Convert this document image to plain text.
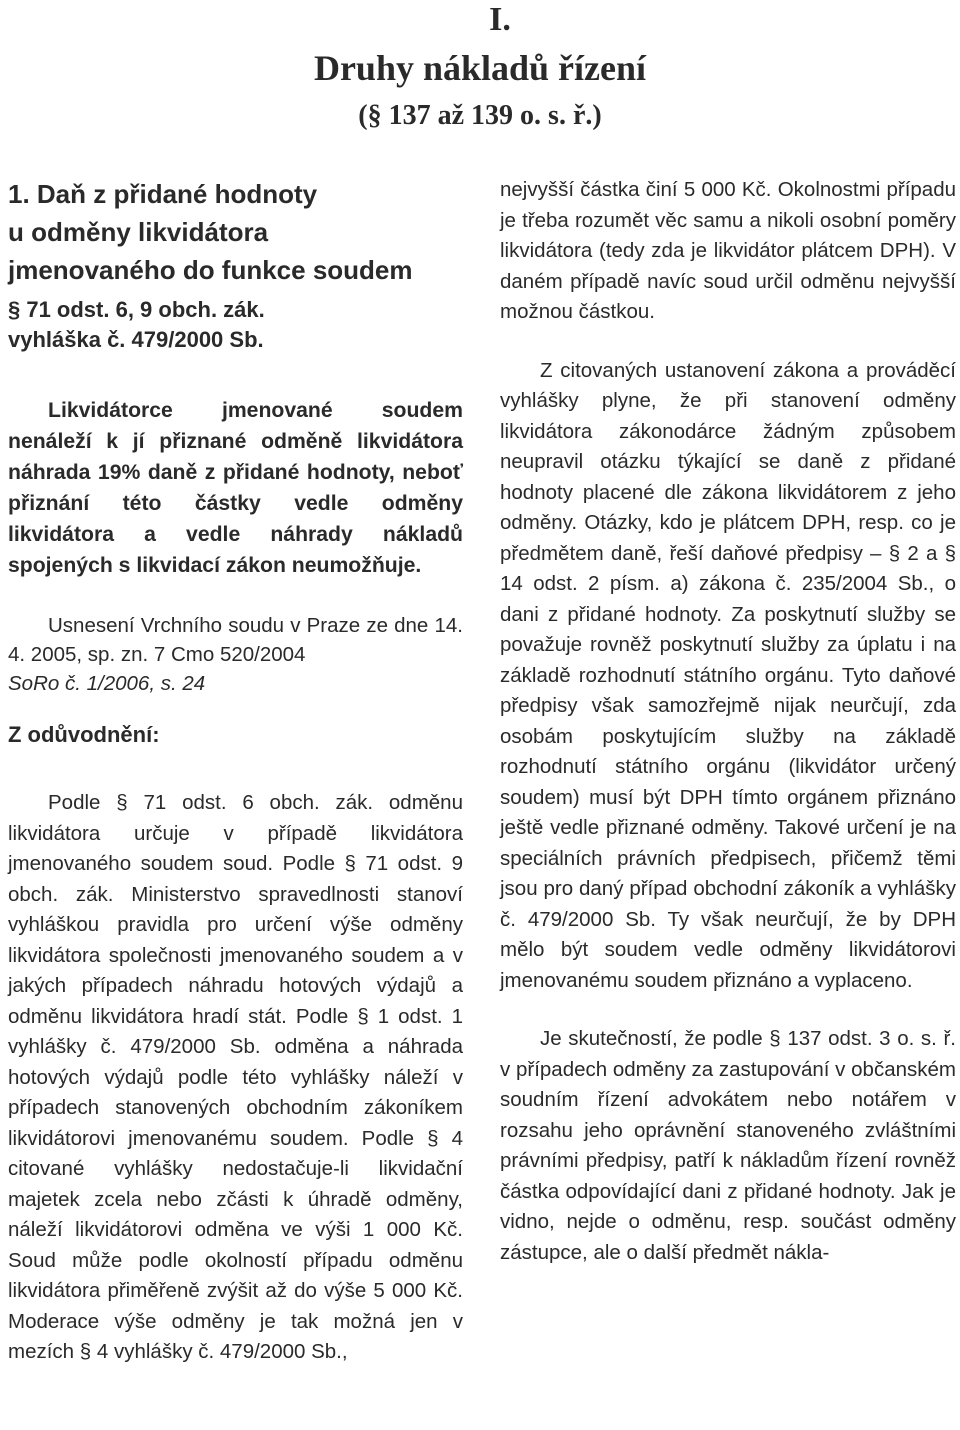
I.
Druhy nákladů řízení
(§ 137 až 139 o. s. ř.)
1. Daň z přidané hodnoty
u odměny likvidátora
jmenovaného do funkce soudem

§ 71 odst. 6, 9 obch. zák.
vyhláška č. 479/2000 Sb.

Likvidátorce jmenované soudem nenáleží k jí přiznané odměně likvidátora náhrada 19% daně z přidané hodnoty, neboť přiznání této částky vedle odměny likvidátora a vedle náhrady nákladů spojených s likvidací zákon neumožňuje.

Usnesení Vrchního soudu v Praze ze dne 14. 4. 2005, sp. zn. 7 Cmo 520/2004

SoRo č. 1/2006, s. 24

Z odůvodnění:

Podle § 71 odst. 6 obch. zák. odměnu likvidátora určuje v případě likvidátora jmenovaného soudem soud. Podle § 71 odst. 9 obch. zák. Ministerstvo spravedlnosti stanoví vyhláškou pravidla pro určení výše odměny likvidátora společnosti jmenovaného soudem a v jakých případech náhradu hotových výdajů a odměnu likvidátora hradí stát. Podle § 1 odst. 1 vyhlášky č. 479/2000 Sb. odměna a náhrada hotových výdajů podle této vyhlášky náleží v případech stanovených obchodním zákoníkem likvidátorovi jmenovanému soudem. Podle § 4 citované vyhlášky nedostačuje-li likvidační majetek zcela nebo zčásti k úhradě odměny, náleží likvidátorovi odměna ve výši 1 000 Kč. Soud může podle okolností případu odměnu likvidátora přiměřeně zvýšit až do výše 5 000 Kč. Moderace výše odměny je tak možná jen v mezích § 4 vyhlášky č. 479/2000 Sb.,

nejvyšší částka činí 5 000 Kč. Okolnostmi případu je třeba rozumět věc samu a nikoli osobní poměry likvidátora (tedy zda je likvidátor plátcem DPH). V daném případě navíc soud určil odměnu nejvyšší možnou částkou.

Z citovaných ustanovení zákona a prováděcí vyhlášky plyne, že při stanovení odměny likvidátora zákonodárce žádným způsobem neupravil otázku týkající se daně z přidané hodnoty placené dle zákona likvidátorem z jeho odměny. Otázky, kdo je plátcem DPH, resp. co je předmětem daně, řeší daňové předpisy – § 2 a § 14 odst. 2 písm. a) zákona č. 235/2004 Sb., o dani z přidané hodnoty. Za poskytnutí služby se považuje rovněž poskytnutí služby za úplatu i na základě rozhodnutí státního orgánu. Tyto daňové předpisy však samozřejmě nijak neurčují, zda osobám poskytujícím služby na základě rozhodnutí státního orgánu (likvidátor určený soudem) musí být DPH tímto orgánem přiznáno ještě vedle přiznané odměny. Takové určení je na speciálních právních předpisech, přičemž těmi jsou pro daný případ obchodní zákoník a vyhlášky č. 479/2000 Sb. Ty však neurčují, že by DPH mělo být soudem vedle odměny likvidátorovi jmenovanému soudem přiznáno a vyplaceno.

Je skutečností, že podle § 137 odst. 3 o. s. ř. v případech odměny za zastupování v občanském soudním řízení advokátem nebo notářem v rozsahu jeho oprávnění stanoveného zvláštními právními předpisy, patří k nákladům řízení rovněž částka odpovídající dani z přidané hodnoty. Jak je vidno, nejde o odměnu, resp. součást odměny zástupce, ale o další předmět nákla-
